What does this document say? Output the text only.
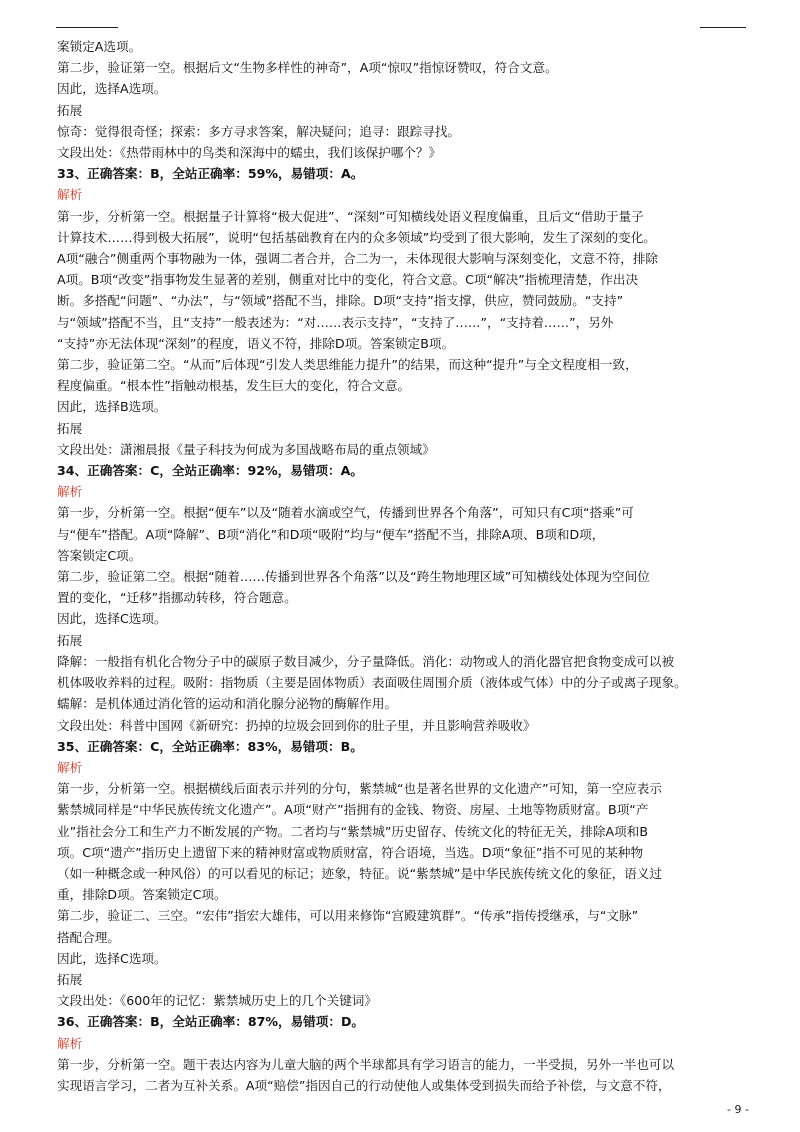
案锁定A选项。
第二步，验证第一空。根据后文“生物多样性的神奇”，A项“惊叹”指惊讶赞叹，符合文意。
因此，选择A选项。
拓展
惊奇：觉得很奇怪；探索：多方寻求答案，解决疑问；追寻：跟踪寻找。
文段出处：《热带雨林中的鸟类和深海中的蠕虫，我们该保护哪个？》
33、正确答案：B，全站正确率：59%，易错项：A。
解析
第一步，分析第一空。根据量子计算将“极大促进”、“深刻”可知横线处语义程度偏重，且后文“借助于量子
计算技术……得到极大拓展”，说明“包括基础教育在内的众多领域”均受到了很大影响，发生了深刻的变化。
A项“融合”侧重两个事物融为一体，强调二者合并，合二为一，未体现很大影响与深刻变化，文意不符，排除
A项。B项“改变”指事物发生显著的差别，侧重对比中的变化，符合文意。C项“解决”指梳理清楚，作出决
断。多搭配“问题”、“办法”，与“领域”搭配不当，排除。D项“支持”指支撑，供应，赞同鼓励。“支持”
与“领域”搭配不当，且“支持”一般表述为：“对……表示支持”，“支持了……”，“支持着……”，另外
“支持”亦无法体现“深刻”的程度，语义不符，排除D项。答案锁定B项。
第二步，验证第二空。“从而”后体现“引发人类思维能力提升”的结果，而这种“提升”与全文程度相一致，
程度偏重。“根本性”指触动根基，发生巨大的变化，符合文意。
因此，选择B选项。
拓展
文段出处：潇湘晨报《量子科技为何成为多国战略布局的重点领域》
34、正确答案：C，全站正确率：92%，易错项：A。
解析
第一步，分析第一空。根据“便车”以及“随着水滴或空气，传播到世界各个角落”，可知只有C项“搭乘”可
与“便车”搭配。A项“降解”、B项“消化”和D项“吸附”均与“便车”搭配不当，排除A项、B项和D项，
答案锁定C项。
第二步，验证第二空。根据“随着……传播到世界各个角落”以及“跨生物地理区域”可知横线处体现为空间位
置的变化，“迁移”指挪动转移，符合题意。
因此，选择C选项。
拓展
降解：一般指有机化合物分子中的碳原子数目减少，分子量降低。消化：动物或人的消化器官把食物变成可以被
机体吸收养料的过程。吸附：指物质（主要是固体物质）表面吸住周围介质（液体或气体）中的分子或离子现象。
蠕解：是机体通过消化管的运动和消化腺分泌物的酶解作用。
文段出处：科普中国网《新研究：扔掉的垃圾会回到你的肚子里，并且影响营养吸收》
35、正确答案：C，全站正确率：83%，易错项：B。
解析
第一步，分析第一空。根据横线后面表示并列的分句，紫禁城“也是著名世界的文化遗产”可知，第一空应表示
紫禁城同样是“中华民族传统文化遗产”。A项“财产”指拥有的金钱、物资、房屋、土地等物质财富。B项“产
业”指社会分工和生产力不断发展的产物。二者均与“紫禁城”历史留存、传统文化的特征无关，排除A项和B
项。C项“遗产”指历史上遗留下来的精神财富或物质财富，符合语境，当选。D项“象征”指不可见的某种物
（如一种概念或一种风俗）的可以看见的标记；迹象，特征。说“紫禁城”是中华民族传统文化的象征，语义过
重，排除D项。答案锁定C项。
第二步，验证二、三空。“宏伟”指宏大雄伟，可以用来修饰“宫殿建筑群”。“传承”指传授继承，与“文脉”
搭配合理。
因此，选择C选项。
拓展
文段出处：《600年的记忆：紫禁城历史上的几个关键词》
36、正确答案：B，全站正确率：87%，易错项：D。
解析
第一步，分析第一空。题干表达内容为儿童大脑的两个半球都具有学习语言的能力，一半受损，另外一半也可以
实现语言学习，二者为互补关系。A项“赔偿”指因自己的行动使他人或集体受到损失而给予补偿，与文意不符，
- 9 -
